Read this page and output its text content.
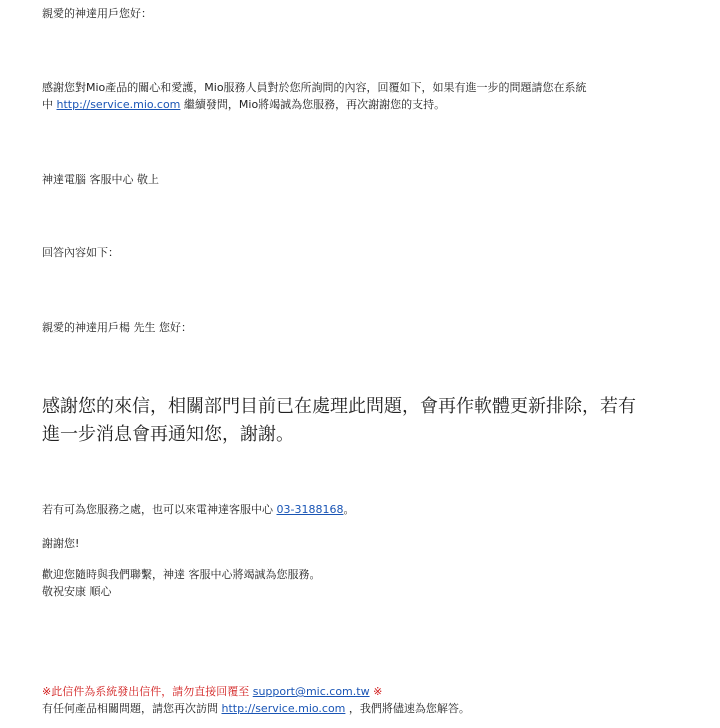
親愛的神達用戶您好：
感謝您對Mio產品的關心和愛護，Mio服務人員對於您所詢問的內容，回覆如下，如果有進一步的問題請您在系統
中 http://service.mio.com 繼續發問，Mio將竭誠為您服務，再次謝謝您的支持。
神達電腦 客服中心 敬上
回答內容如下：
親愛的神達用戶楊 先生 您好：
感謝您的來信，相關部門目前已在處理此問題，會再作軟體更新排除，若有
進一步消息會再通知您，謝謝。
若有可為您服務之處，也可以來電神達客服中心 03-3188168。
謝謝您!
歡迎您隨時與我們聯繫，神達 客服中心將竭誠為您服務。
敬祝安康 順心
※此信件為系統發出信件，請勿直接回覆至 support@mic.com.tw ※
有任何產品相關問題，請您再次訪問 http://service.mio.com ，我們將儘速為您解答。
